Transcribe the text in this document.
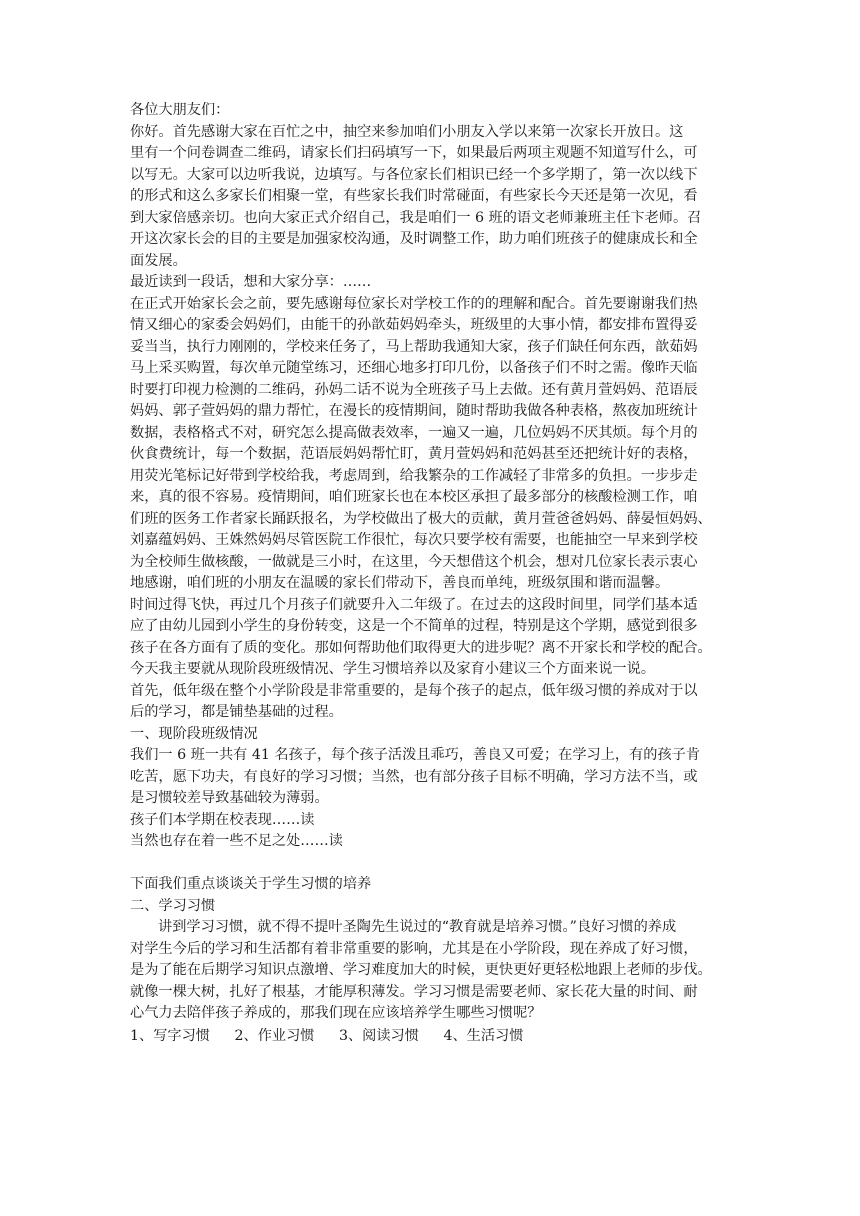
各位大朋友们：

你好。首先感谢大家在百忙之中，抽空来参加咱们小朋友入学以来第一次家长开放日。这

里有一个问卷调查二维码，请家长们扫码填写一下，如果最后两项主观题不知道写什么，可

以写无。大家可以边听我说，边填写。与各位家长们相识已经一个多学期了，第一次以线下

的形式和这么多家长们相聚一堂，有些家长我们时常碰面，有些家长今天还是第一次见，看

到大家倍感亲切。也向大家正式介绍自己，我是咱们一 6 班的语文老师兼班主任卞老师。召

开这次家长会的目的主要是加强家校沟通，及时调整工作，助力咱们班孩子的健康成长和全

面发展。

最近读到一段话，想和大家分享：……

在正式开始家长会之前，要先感谢每位家长对学校工作的的理解和配合。首先要谢谢我们热

情又细心的家委会妈妈们，由能干的孙歆茹妈妈牵头，班级里的大事小情，都安排布置得妥

妥当当，执行力刚刚的，学校来任务了，马上帮助我通知大家，孩子们缺任何东西，歆茹妈

马上采买购置，每次单元随堂练习，还细心地多打印几份，以备孩子们不时之需。像昨天临

时要打印视力检测的二维码，孙妈二话不说为全班孩子马上去做。还有黄月萱妈妈、范语辰

妈妈、郭子萱妈妈的鼎力帮忙，在漫长的疫情期间，随时帮助我做各种表格，熬夜加班统计

数据，表格格式不对，研究怎么提高做表效率，一遍又一遍，几位妈妈不厌其烦。每个月的

伙食费统计，每一个数据，范语辰妈妈帮忙盯，黄月萱妈妈和范妈甚至还把统计好的表格，

用荧光笔标记好带到学校给我，考虑周到，给我繁杂的工作减轻了非常多的负担。一步步走

来，真的很不容易。疫情期间，咱们班家长也在本校区承担了最多部分的核酸检测工作，咱

们班的医务工作者家长踊跃报名，为学校做出了极大的贡献，黄月萱爸爸妈妈、薛晏恒妈妈、

刘嘉蕴妈妈、王姝然妈妈尽管医院工作很忙，每次只要学校有需要，也能抽空一早来到学校

为全校师生做核酸，一做就是三小时，在这里，今天想借这个机会，想对几位家长表示衷心

地感谢，咱们班的小朋友在温暖的家长们带动下，善良而单纯，班级氛围和谐而温馨。

时间过得飞快，再过几个月孩子们就要升入二年级了。在过去的这段时间里，同学们基本适

应了由幼儿园到小学生的身份转变，这是一个不简单的过程，特别是这个学期，感觉到很多

孩子在各方面有了质的变化。那如何帮助他们取得更大的进步呢？离不开家长和学校的配合。

今天我主要就从现阶段班级情况、学生习惯培养以及家育小建议三个方面来说一说。

首先，低年级在整个小学阶段是非常重要的，是每个孩子的起点，低年级习惯的养成对于以

后的学习，都是铺垫基础的过程。

一、现阶段班级情况

我们一 6 班一共有 41 名孩子，每个孩子活泼且乖巧，善良又可爱；在学习上，有的孩子肯

吃苦，愿下功夫，有良好的学习习惯；当然，也有部分孩子目标不明确，学习方法不当，或

是习惯较差导致基础较为薄弱。

孩子们本学期在校表现……读

当然也存在着一些不足之处……读

下面我们重点谈谈关于学生习惯的培养

二、学习习惯

讲到学习习惯，就不得不提叶圣陶先生说过的“教育就是培养习惯。”良好习惯的养成

对学生今后的学习和生活都有着非常重要的影响，尤其是在小学阶段，现在养成了好习惯，

是为了能在后期学习知识点激增、学习难度加大的时候，更快更好更轻松地跟上老师的步伐。

就像一棵大树，扎好了根基，才能厚积薄发。学习习惯是需要老师、家长花大量的时间、耐

心气力去陪伴孩子养成的，那我们现在应该培养学生哪些习惯呢？

1、写字习惯 2、作业习惯 3、阅读习惯 4、生活习惯
